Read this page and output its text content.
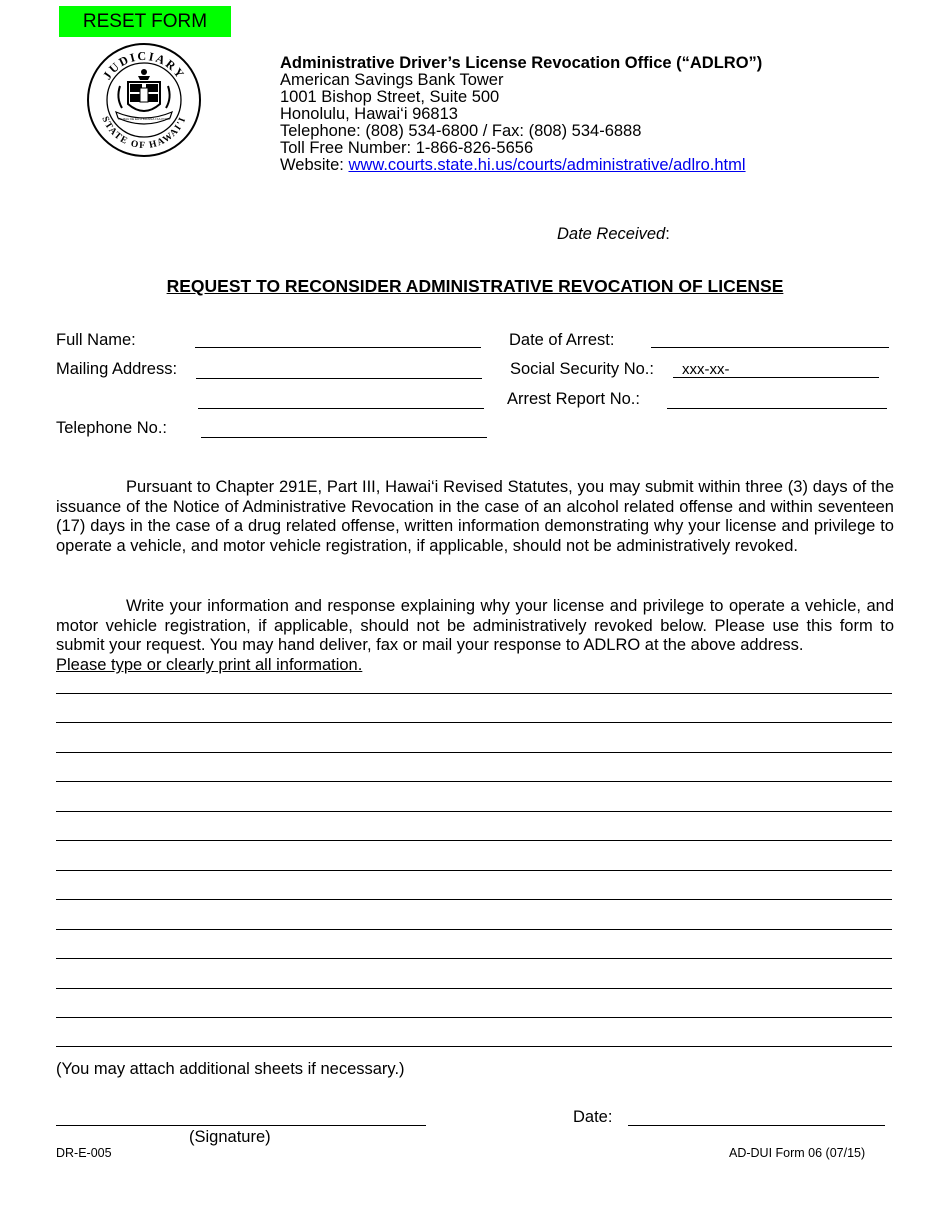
RESET FORM
JUDICIARY
STATE OF HAWAI'I
UA MAU KE EA O KA AINA I KA PONO
Administrative Driver’s License Revocation Office (“ADLRO”)
American Savings Bank Tower
1001 Bishop Street, Suite 500
Honolulu, Hawai‘i 96813
Telephone: (808) 534-6800 / Fax: (808) 534-6888
Toll Free Number: 1-866-826-5656
Website: www.courts.state.hi.us/courts/administrative/adlro.html
Date Received:
REQUEST TO RECONSIDER ADMINISTRATIVE REVOCATION OF LICENSE
Full Name:
Mailing Address:
Telephone No.:
Date of Arrest:
Social Security No.:	xxx-xx-
Arrest Report No.:
Pursuant to Chapter 291E, Part III, Hawai‘i Revised Statutes, you may submit within three (3) days of the issuance of the Notice of Administrative Revocation in the case of an alcohol related offense and within seventeen (17) days in the case of a drug related offense, written information demonstrating why your license and privilege to operate a vehicle, and motor vehicle registration, if applicable, should not be administratively revoked.
Write your information and response explaining why your license and privilege to operate a vehicle, and motor vehicle registration, if applicable, should not be administratively revoked below. Please use this form to submit your request. You may hand deliver, fax or mail your response to ADLRO at the above address.
Please type or clearly print all information.
(You may attach additional sheets if necessary.)
(Signature)
Date:
DR-E-005	AD-DUI Form 06 (07/15)
